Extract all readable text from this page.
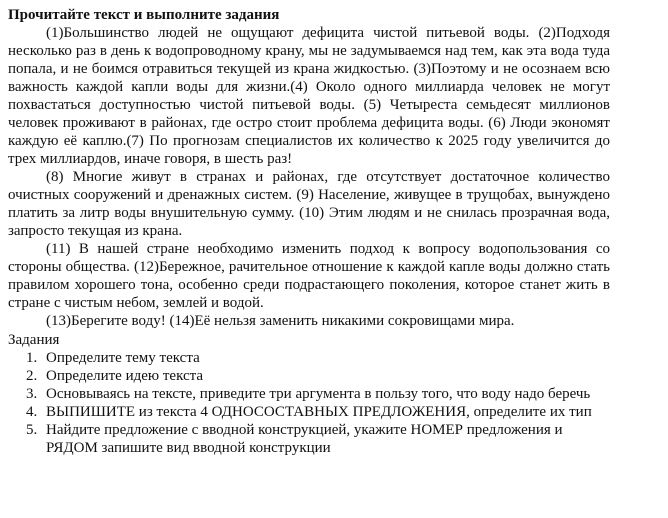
Прочитайте текст и выполните задания

(1)Большинство людей не ощущают дефицита чистой питьевой воды. (2)Подходя несколько раз в день к водопроводному крану, мы не задумываемся над тем, как эта вода туда попала, и не боимся отравиться текущей из крана жидкостью. (3)Поэтому и не осознаем всю важность каждой капли воды для жизни.(4) Около одного миллиарда человек не могут похвастаться доступностью чистой питьевой воды. (5) Четыреста семьдесят миллионов человек проживают в районах, где остро стоит проблема дефицита воды. (6) Люди экономят каждую её каплю.(7) По прогнозам специалистов их количество к 2025 году увеличится до трех миллиардов, иначе говоря, в шесть раз!

(8) Многие живут в странах и районах, где отсутствует достаточное количество очистных сооружений и дренажных систем. (9) Население, живущее в трущобах, вынуждено платить за литр воды внушительную сумму. (10) Этим людям и не снилась прозрачная вода, запросто текущая из крана.

(11) В нашей стране необходимо изменить подход к вопросу водопользования со стороны общества. (12)Бережное, рачительное отношение к каждой капле воды должно стать правилом хорошего тона, особенно среди подрастающего поколения, которое станет жить в стране с чистым небом, землей и водой.

(13)Берегите воду! (14)Её нельзя заменить никакими сокровищами мира.

Задания
1. Определите тему текста
2. Определите идею текста
3. Основываясь на тексте, приведите три аргумента в пользу того, что воду надо беречь
4. ВЫПИШИТЕ из текста 4 ОДНОСОСТАВНЫХ ПРЕДЛОЖЕНИЯ, определите их тип
5. Найдите предложение с вводной конструкцией, укажите НОМЕР предложения и РЯДОМ запишите вид вводной конструкции
